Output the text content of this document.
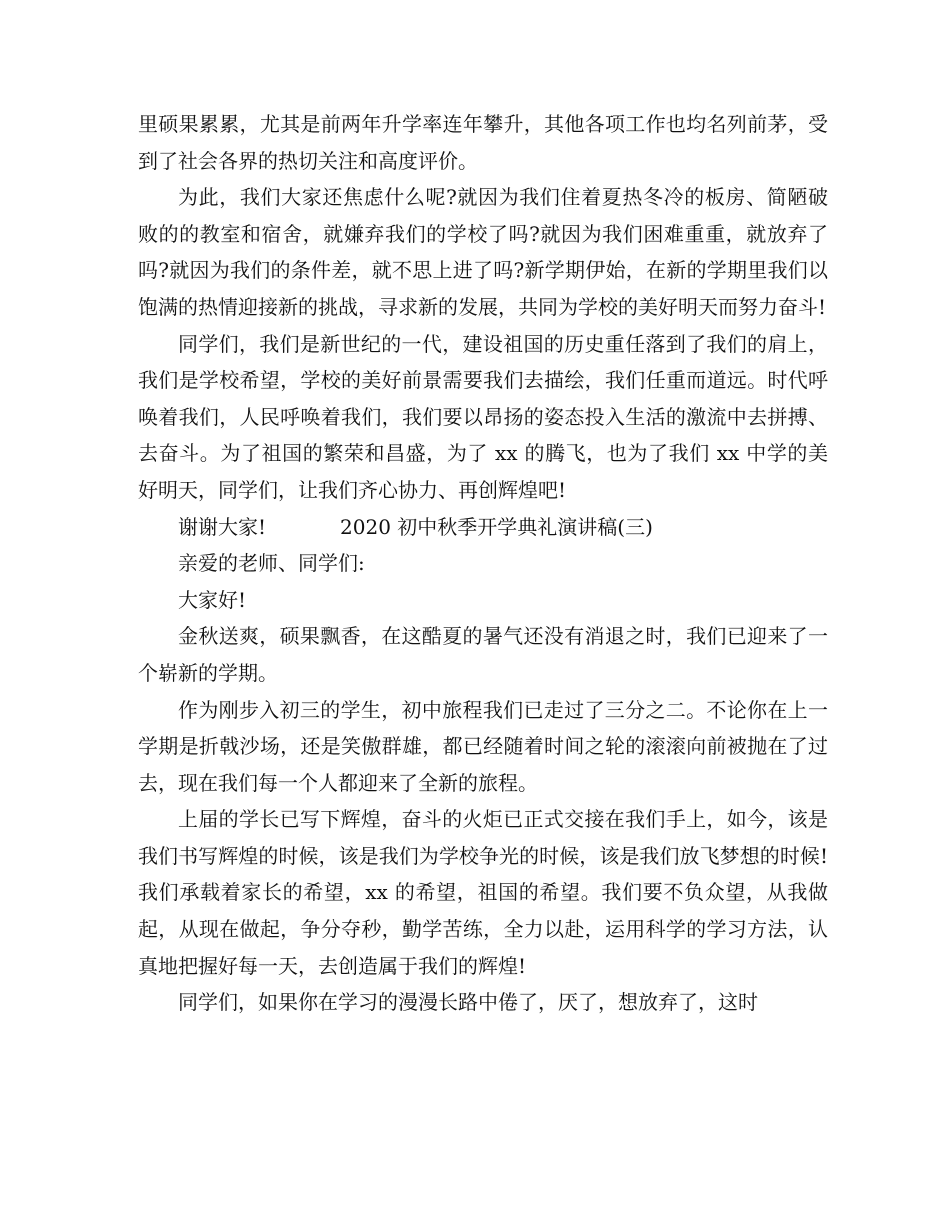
里硕果累累，尤其是前两年升学率连年攀升，其他各项工作也均名列前茅，受到了社会各界的热切关注和高度评价。

为此，我们大家还焦虑什么呢?就因为我们住着夏热冬冷的板房、简陋破败的的教室和宿舍，就嫌弃我们的学校了吗?就因为我们困难重重，就放弃了吗?就因为我们的条件差，就不思上进了吗?新学期伊始，在新的学期里我们以饱满的热情迎接新的挑战，寻求新的发展，共同为学校的美好明天而努力奋斗!

同学们，我们是新世纪的一代，建设祖国的历史重任落到了我们的肩上，我们是学校希望，学校的美好前景需要我们去描绘，我们任重而道远。时代呼唤着我们，人民呼唤着我们，我们要以昂扬的姿态投入生活的激流中去拼搏、去奋斗。为了祖国的繁荣和昌盛，为了 xx 的腾飞，也为了我们 xx 中学的美好明天，同学们，让我们齐心协力、再创辉煌吧!

谢谢大家!	2020 初中秋季开学典礼演讲稿(三)

亲爱的老师、同学们:

大家好!

金秋送爽，硕果飘香，在这酷夏的暑气还没有消退之时，我们已迎来了一个崭新的学期。

作为刚步入初三的学生，初中旅程我们已走过了三分之二。不论你在上一学期是折戟沙场，还是笑傲群雄，都已经随着时间之轮的滚滚向前被抛在了过去，现在我们每一个人都迎来了全新的旅程。

上届的学长已写下辉煌，奋斗的火炬已正式交接在我们手上，如今，该是我们书写辉煌的时候，该是我们为学校争光的时候，该是我们放飞梦想的时候!我们承载着家长的希望，xx 的希望，祖国的希望。我们要不负众望，从我做起，从现在做起，争分夺秒，勤学苦练，全力以赴，运用科学的学习方法，认真地把握好每一天，去创造属于我们的辉煌!

同学们，如果你在学习的漫漫长路中倦了，厌了，想放弃了，这时
